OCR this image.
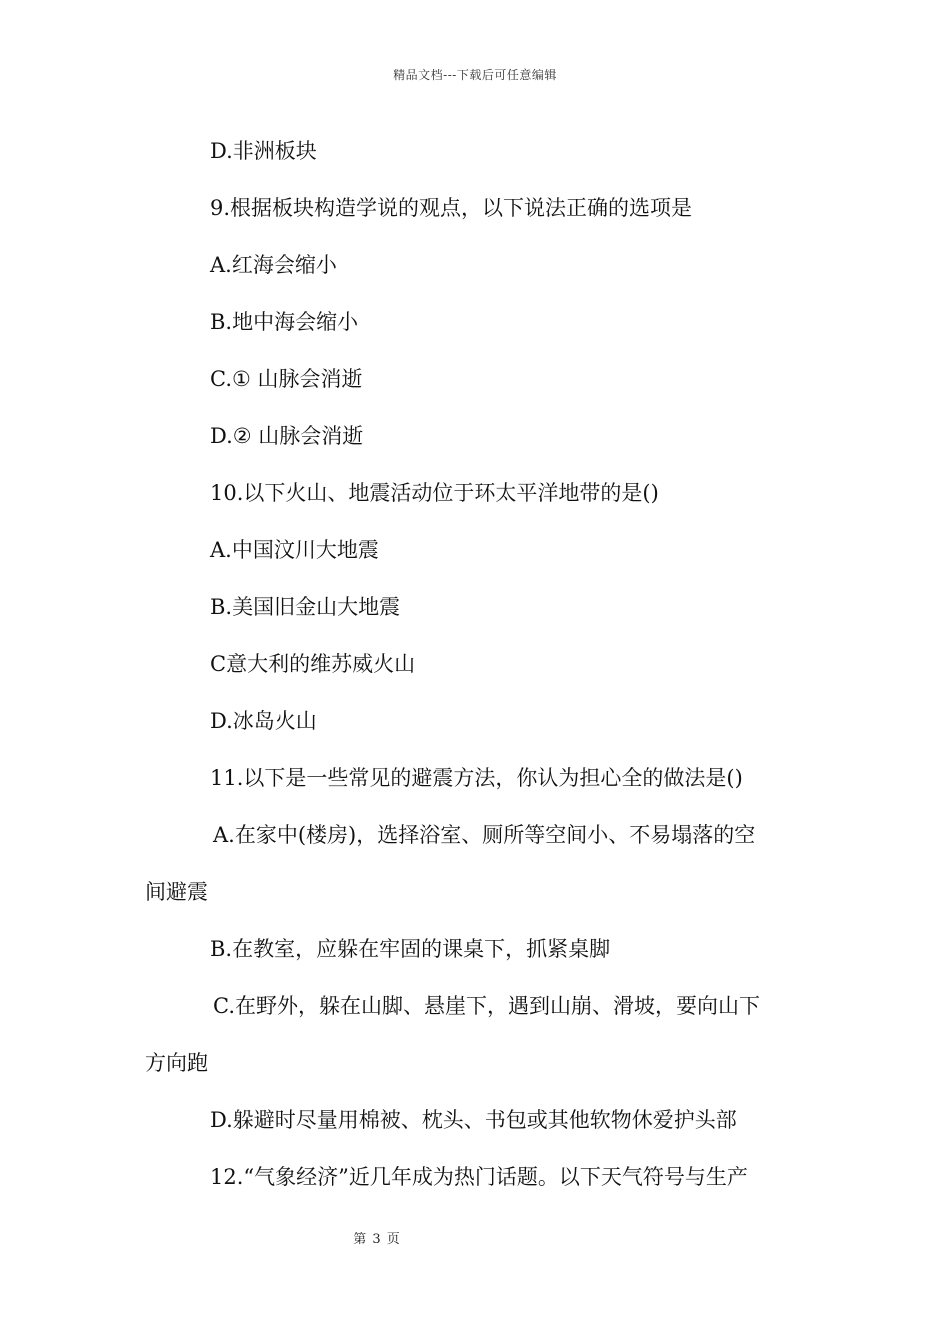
精品文档---下载后可任意编辑
D.非洲板块
9.根据板块构造学说的观点，以下说法正确的选项是
A.红海会缩小
B.地中海会缩小
C.① 山脉会消逝
D.② 山脉会消逝
10.以下火山、地震活动位于环太平洋地带的是()
A.中国汶川大地震
B.美国旧金山大地震
C意大利的维苏威火山
D.冰岛火山
11.以下是一些常见的避震方法，你认为担心全的做法是()
A.在家中(楼房)，选择浴室、厕所等空间小、不易塌落的空
间避震
B.在教室，应躲在牢固的课桌下，抓紧桌脚
C.在野外，躲在山脚、悬崖下，遇到山崩、滑坡，要向山下
方向跑
D.躲避时尽量用棉被、枕头、书包或其他软物休爱护头部
12.“气象经济”近几年成为热门话题。以下天气符号与生产
第 3 页
